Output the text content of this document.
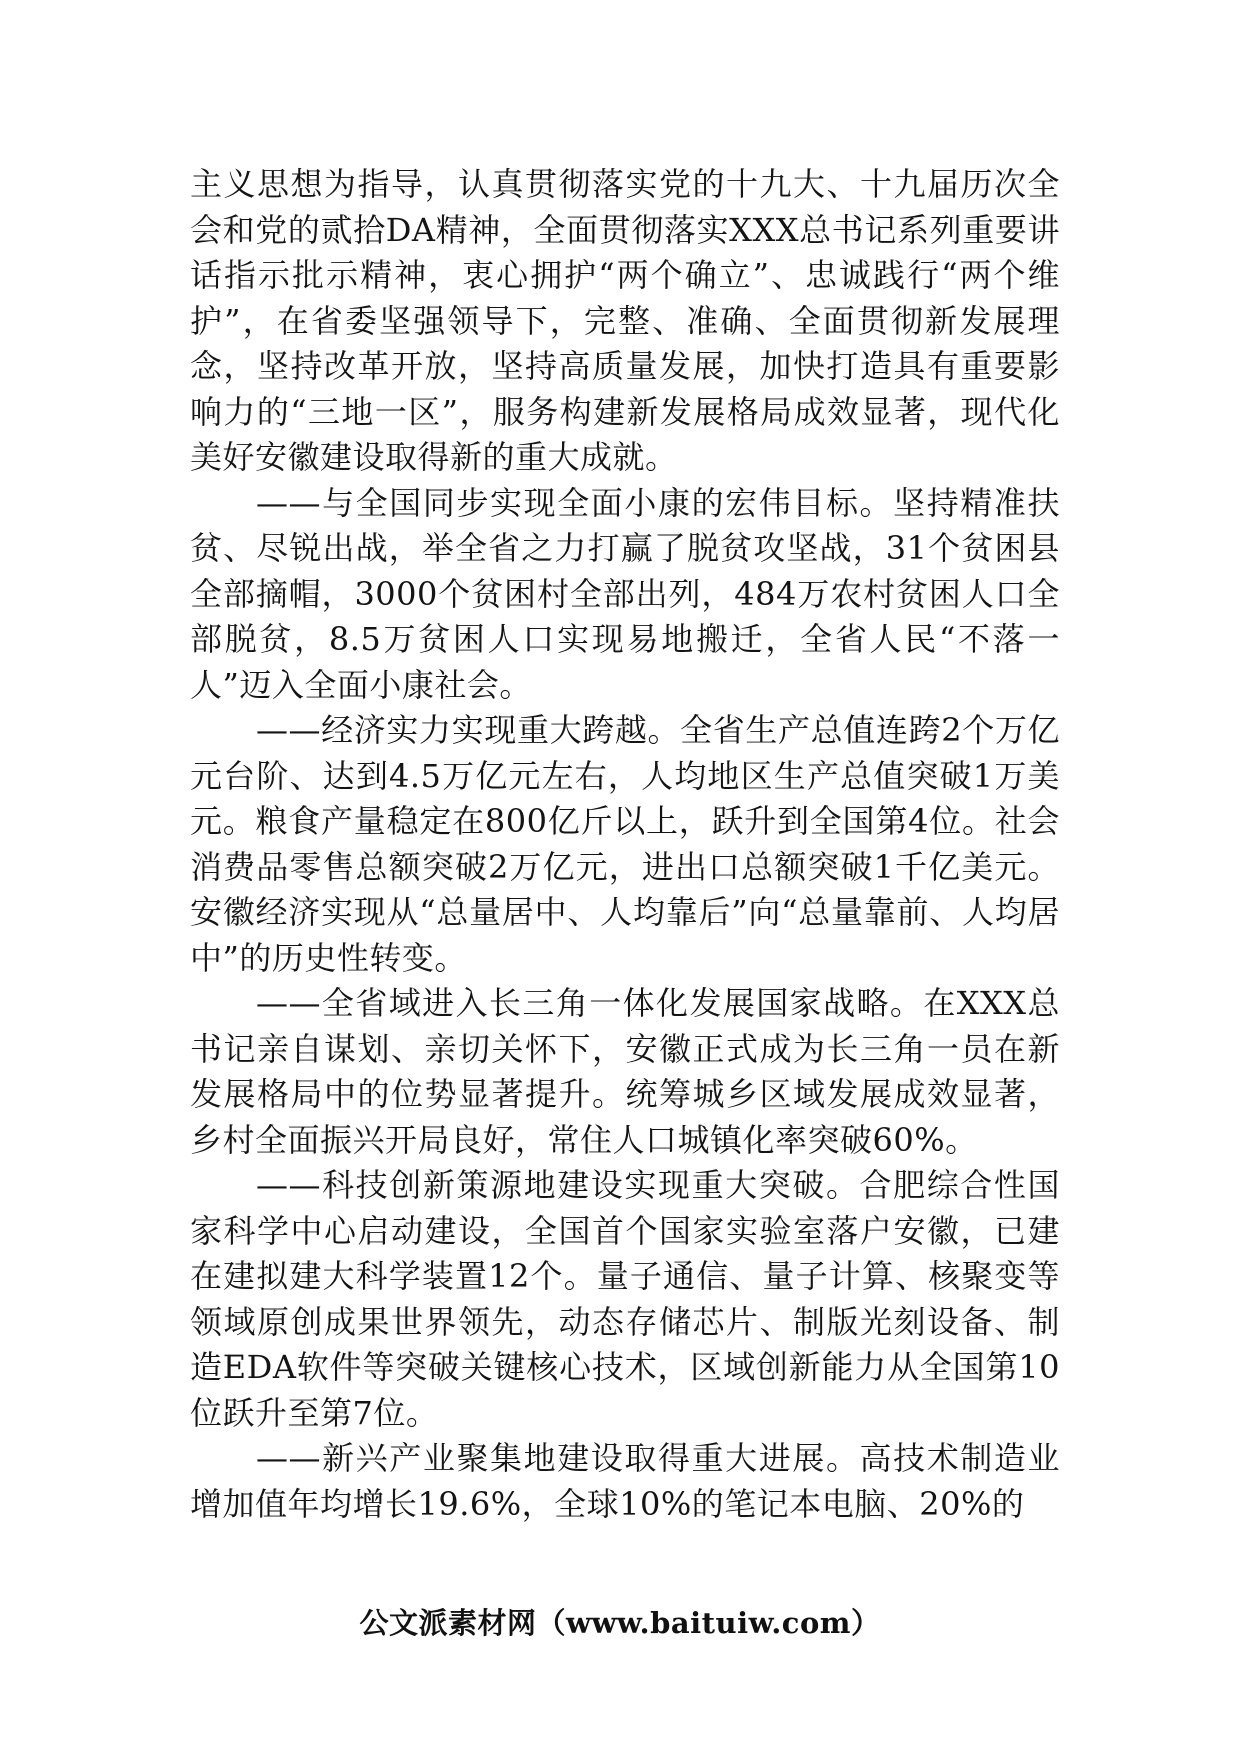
主义思想为指导，认真贯彻落实党的十九大、十九届历次全会和党的贰拾DA精神，全面贯彻落实XXX总书记系列重要讲话指示批示精神，衷心拥护“两个确立”、忠诚践行“两个维护”，在省委坚强领导下，完整、准确、全面贯彻新发展理念，坚持改革开放，坚持高质量发展，加快打造具有重要影响力的“三地一区”，服务构建新发展格局成效显著，现代化美好安徽建设取得新的重大成就。

——与全国同步实现全面小康的宏伟目标。坚持精准扶贫、尽锐出战，举全省之力打赢了脱贫攻坚战，31个贫困县全部摘帽，3000个贫困村全部出列，484万农村贫困人口全部脱贫，8.5万贫困人口实现易地搬迁，全省人民“不落一人”迈入全面小康社会。

——经济实力实现重大跨越。全省生产总值连跨2个万亿元台阶、达到4.5万亿元左右，人均地区生产总值突破1万美元。粮食产量稳定在800亿斤以上，跃升到全国第4位。社会消费品零售总额突破2万亿元，进出口总额突破1千亿美元。安徽经济实现从“总量居中、人均靠后”向“总量靠前、人均居中”的历史性转变。

——全省域进入长三角一体化发展国家战略。在XXX总书记亲自谋划、亲切关怀下，安徽正式成为长三角一员在新发展格局中的位势显著提升。统筹城乡区域发展成效显著，乡村全面振兴开局良好，常住人口城镇化率突破60%。

——科技创新策源地建设实现重大突破。合肥综合性国家科学中心启动建设，全国首个国家实验室落户安徽，已建在建拟建大科学装置12个。量子通信、量子计算、核聚变等领域原创成果世界领先，动态存储芯片、制版光刻设备、制造EDA软件等突破关键核心技术，区域创新能力从全国第10位跃升至第7位。

——新兴产业聚集地建设取得重大进展。高技术制造业增加值年均增长19.6%，全球10%的笔记本电脑、20%的

公文派素材网（www.baituiw.com）
